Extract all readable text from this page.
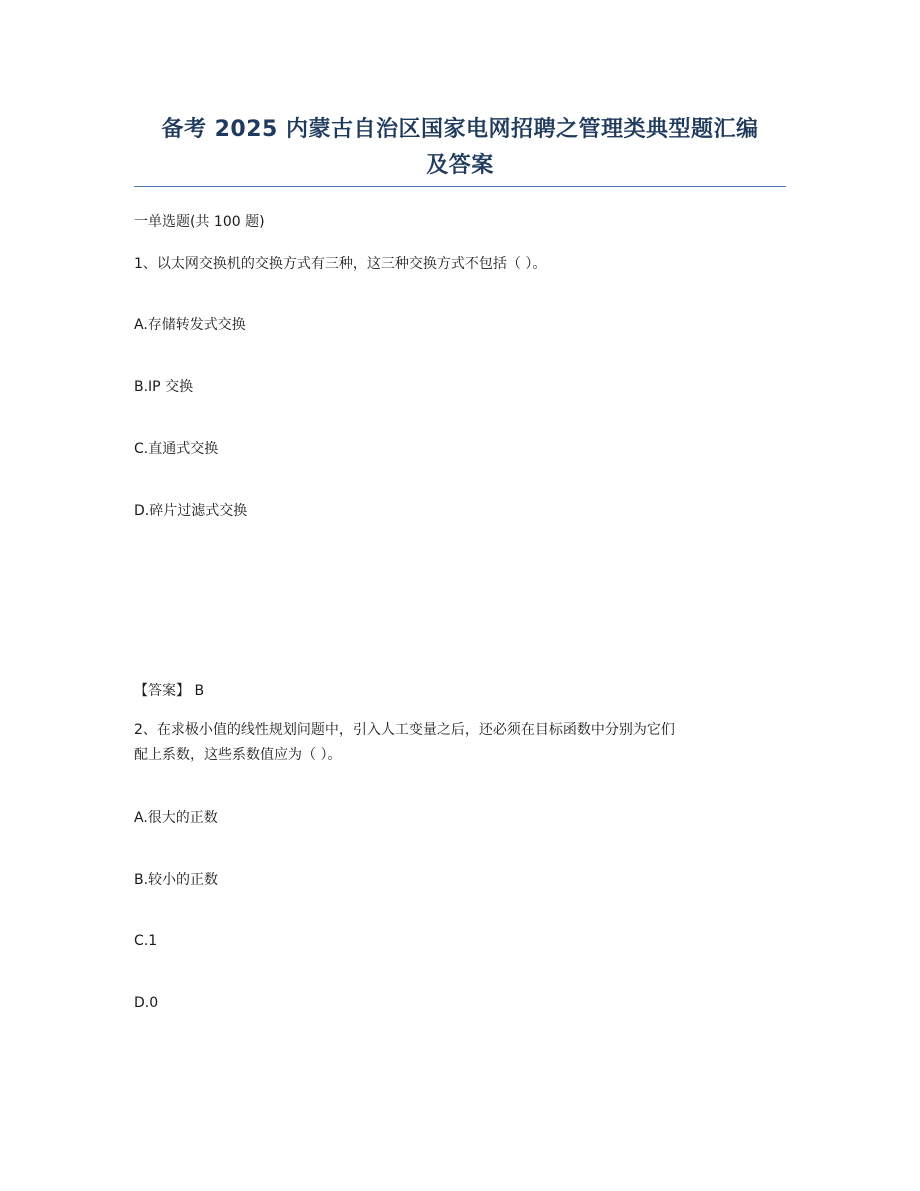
备考 2025 内蒙古自治区国家电网招聘之管理类典型题汇编
及答案
一单选题(共 100 题)
1、以太网交换机的交换方式有三种，这三种交换方式不包括（ ）。
A.存储转发式交换
B.IP 交换
C.直通式交换
D.碎片过滤式交换
【答案】 B
2、在求极小值的线性规划问题中，引入人工变量之后，还必须在目标函数中分别为它们
配上系数，这些系数值应为（ ）。
A.很大的正数
B.较小的正数
C.1
D.0
